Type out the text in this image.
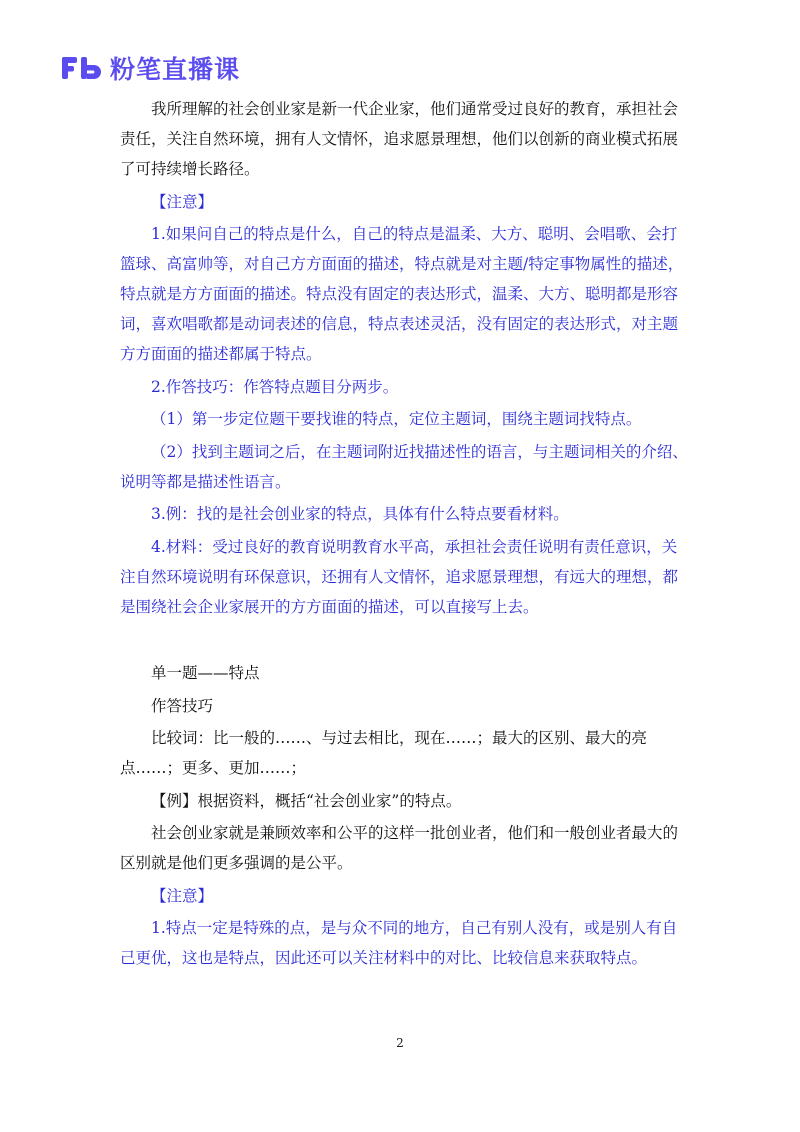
粉笔直播课

我所理解的社会创业家是新一代企业家，他们通常受过良好的教育，承担社会责任，关注自然环境，拥有人文情怀，追求愿景理想，他们以创新的商业模式拓展了可持续增长路径。

【注意】

1.如果问自己的特点是什么，自己的特点是温柔、大方、聪明、会唱歌、会打篮球、高富帅等，对自己方方面面的描述，特点就是对主题/特定事物属性的描述，特点就是方方面面的描述。特点没有固定的表达形式，温柔、大方、聪明都是形容词，喜欢唱歌都是动词表述的信息，特点表述灵活，没有固定的表达形式，对主题方方面面的描述都属于特点。

2.作答技巧：作答特点题目分两步。

（1）第一步定位题干要找谁的特点，定位主题词，围绕主题词找特点。

（2）找到主题词之后，在主题词附近找描述性的语言，与主题词相关的介绍、说明等都是描述性语言。

3.例：找的是社会创业家的特点，具体有什么特点要看材料。

4.材料：受过良好的教育说明教育水平高，承担社会责任说明有责任意识，关注自然环境说明有环保意识，还拥有人文情怀，追求愿景理想，有远大的理想，都是围绕社会企业家展开的方方面面的描述，可以直接写上去。

单一题——特点

作答技巧

比较词：比一般的……、与过去相比，现在……；最大的区别、最大的亮点……；更多、更加……；

【例】根据资料，概括“社会创业家”的特点。

社会创业家就是兼顾效率和公平的这样一批创业者，他们和一般创业者最大的区别就是他们更多强调的是公平。

【注意】

1.特点一定是特殊的点，是与众不同的地方，自己有别人没有，或是别人有自己更优，这也是特点，因此还可以关注材料中的对比、比较信息来获取特点。

2
